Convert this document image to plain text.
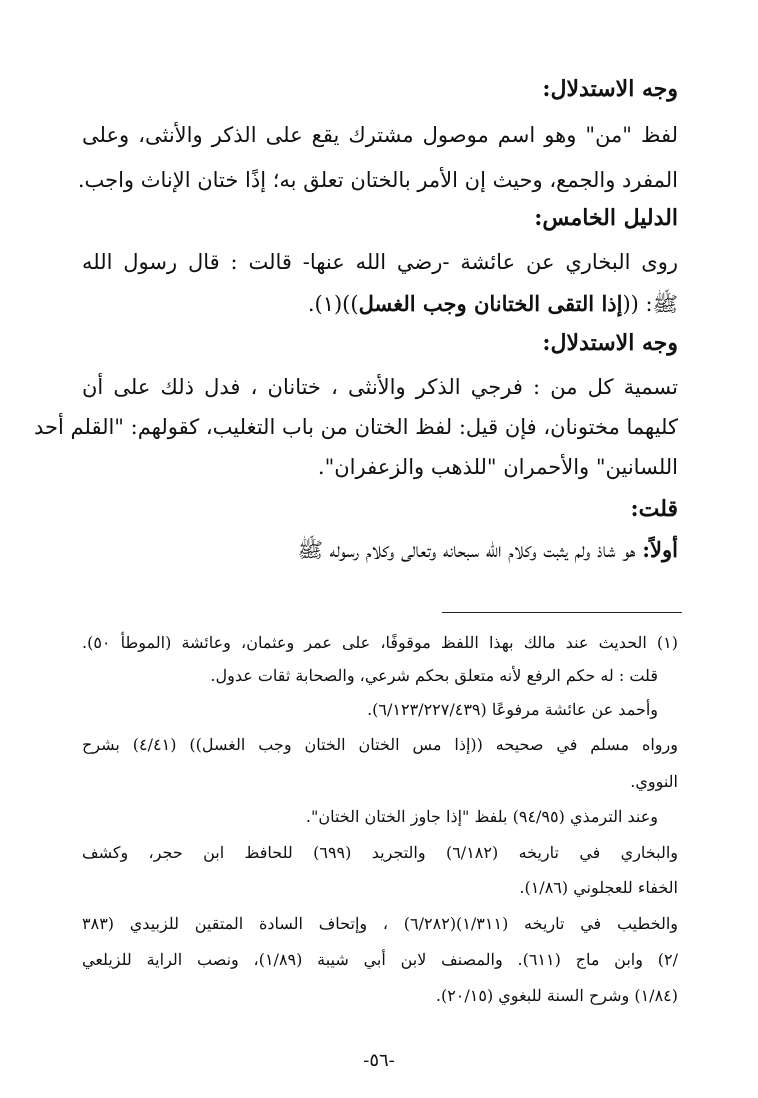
وجه الاستدلال:

لفظ "من" وهو اسم موصول مشترك يقع على الذكر والأنثى، وعلى

المفرد والجمع، وحيث إن الأمر بالختان تعلق به؛ إذًا ختان الإناث واجب.

الدليل الخامس:

روى البخاري عن عائشة -رضي الله عنها- قالت : قال رسول الله

ﷺ: ((إذا التقى الختانان وجب الغسل))(١).

وجه الاستدلال:

تسمية كل من : فرجي الذكر والأنثى ، ختانان ، فدل ذلك على أن

كليهما مختونان، فإن قيل: لفظ الختان من باب التغليب، كقولهم: "القلم أحد

اللسانين" والأحمران "للذهب والزعفران".

قلت:

أولاً: هو شاذ ولم يثبت وكلام الله سبحانه وتعالى وكلام رسوله ﷺ

(١) الحديث عند مالك بهذا اللفظ موقوفًا، على عمر وعثمان، وعائشة (الموطأ ٥٠).

قلت : له حكم الرفع لأنه متعلق بحكم شرعي، والصحابة ثقات عدول.

وأحمد عن عائشة مرفوعًا (٦/١٢٣/٢٢٧/٤٣٩).

ورواه مسلم في صحيحه ((إذا مس الختان الختان وجب الغسل)) (٤/٤١) بشرح

النووي.

وعند الترمذي (٩٤/٩٥) بلفظ "إذا جاوز الختان الختان".

والبخاري في تاريخه (٦/١٨٢) والتجريد (٦٩٩) للحافظ ابن حجر، وكشف

الخفاء للعجلوني (١/٨٦).

والخطيب في تاريخه (١/٣١١)(٦/٢٨٢) ، وإتحاف السادة المتقين للزبيدي (٣٨٣

/٢) وابن ماج (٦١١). والمصنف لابن أبي شيبة (١/٨٩)، ونصب الراية للزيلعي

(١/٨٤) وشرح السنة للبغوي (٢٠/١٥).

-٥٦-
